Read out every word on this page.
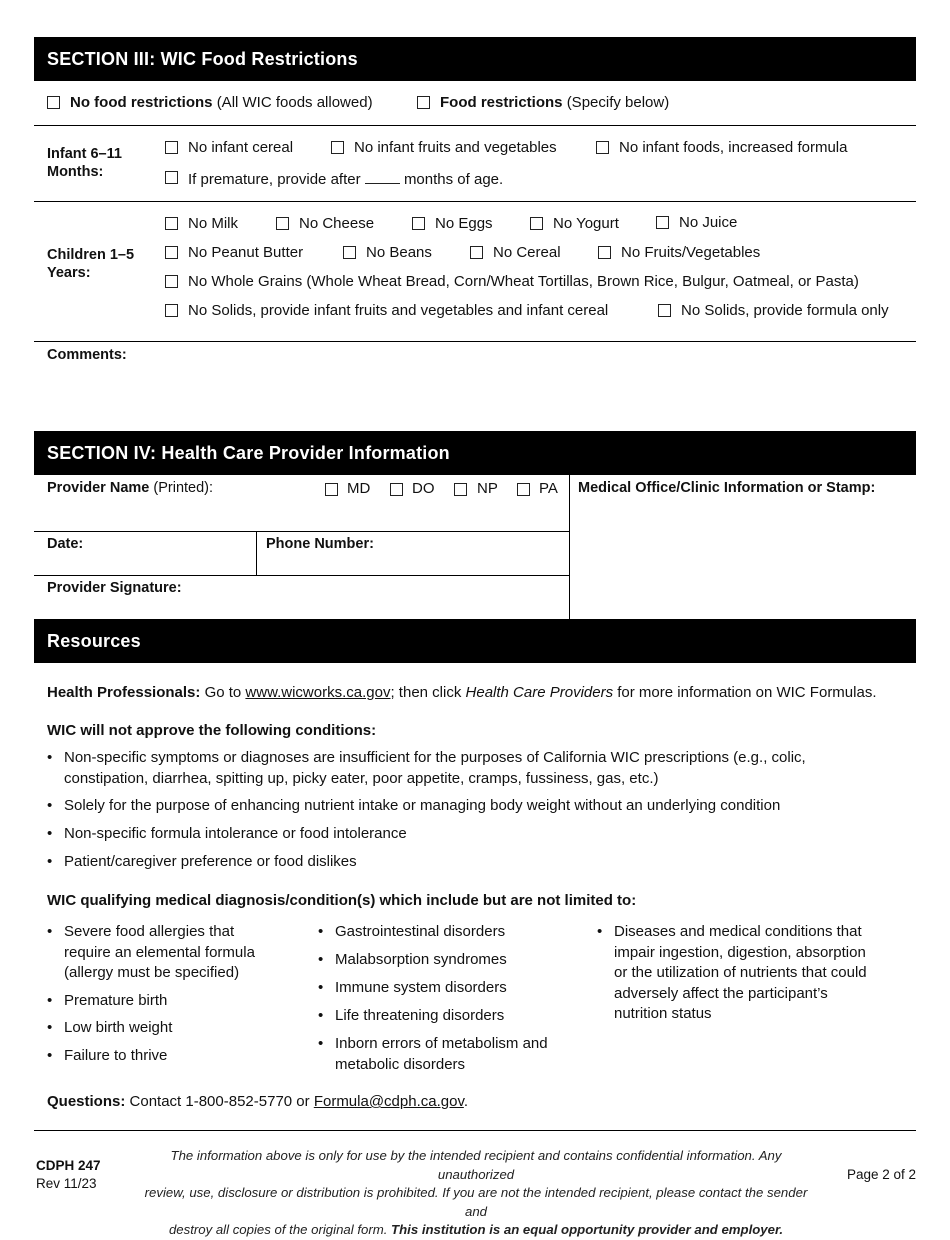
SECTION III: WIC Food Restrictions
No food restrictions (All WIC foods allowed)	Food restrictions (Specify below)
Infant 6–11
Months:
No infant cereal	No infant fruits and vegetables	No infant foods, increased formula
If premature, provide after	months of age.
Children 1–5
Years:
No Milk	No Cheese	No Eggs	No Yogurt	No Juice
No Peanut Butter	No Beans	No Cereal	No Fruits/Vegetables
No Whole Grains (Whole Wheat Bread, Corn/Wheat Tortillas, Brown Rice, Bulgur, Oatmeal, or Pasta)
No Solids, provide infant fruits and vegetables and infant cereal	No Solids, provide formula only
Comments:
SECTION IV: Health Care Provider Information
Provider Name (Printed):	MD	DO	NP	PA Medical Office/Clinic Information or Stamp:
Date:	Phone Number:
Provider Signature:
Resources
Health Professionals: Go to www.wicworks.ca.gov; then click Health Care Providers for more information on WIC Formulas.
WIC will not approve the following conditions:
• Non-specific symptoms or diagnoses are insufficient for the purposes of California WIC prescriptions (e.g., colic,
constipation, diarrhea, spitting up, picky eater, poor appetite, cramps, fussiness, gas, etc.)
• Solely for the purpose of enhancing nutrient intake or managing body weight without an underlying condition
• Non-specific formula intolerance or food intolerance
• Patient/caregiver preference or food dislikes
WIC qualifying medical diagnosis/condition(s) which include but are not limited to:
• Severe food allergies that
require an elemental formula
(allergy must be specified)
• Premature birth
• Low birth weight
• Failure to thrive
• Gastrointestinal disorders
• Malabsorption syndromes
• Immune system disorders
• Life threatening disorders
• Inborn errors of metabolism and
metabolic disorders
• Diseases and medical conditions that
impair ingestion, digestion, absorption
or the utilization of nutrients that could
adversely affect the participant’s
nutrition status
Questions: Contact 1-800-852-5770 or Formula@cdph.ca.gov.
CDPH 247
Rev 11/23
The information above is only for use by the intended recipient and contains confidential information. Any unauthorized
review, use, disclosure or distribution is prohibited. If you are not the intended recipient, please contact the sender and
destroy all copies of the original form. This institution is an equal opportunity provider and employer.
Page 2 of 2
